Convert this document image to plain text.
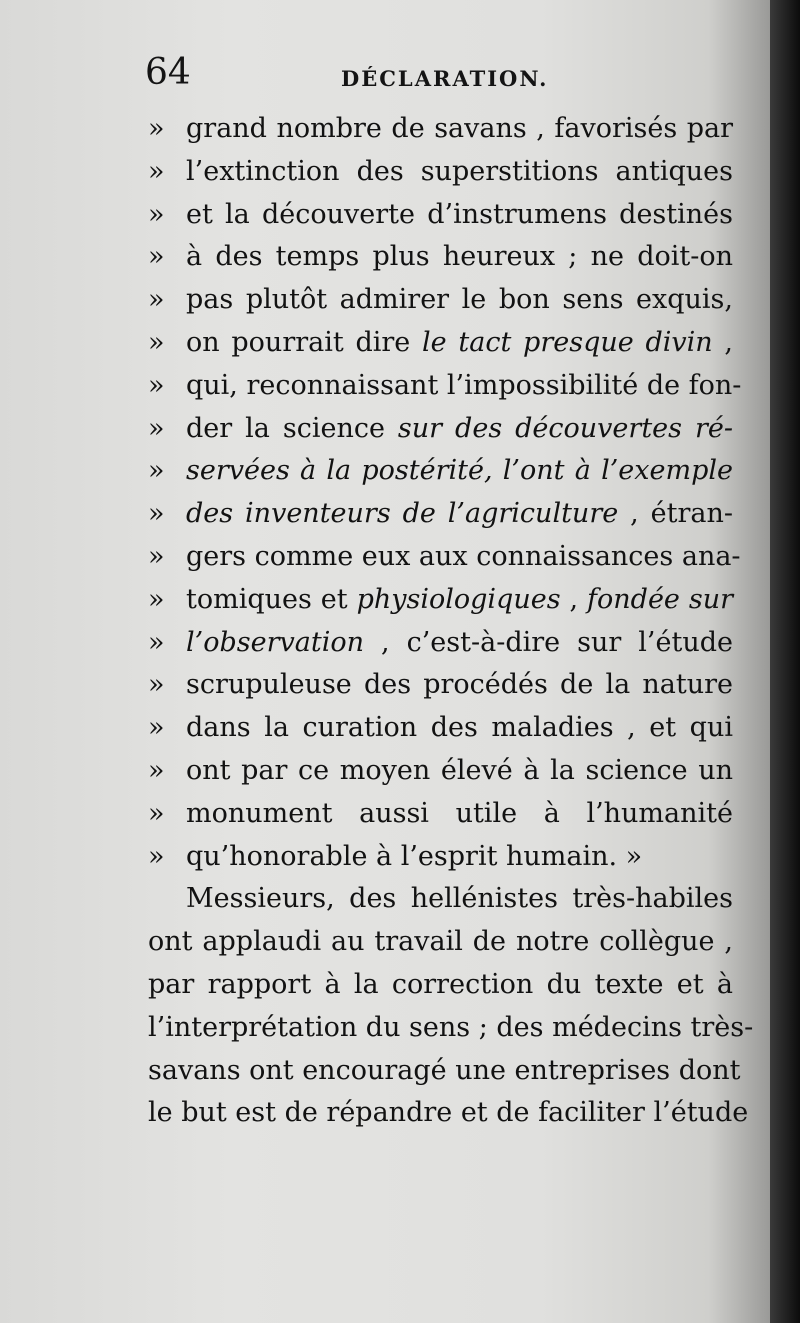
64	DÉCLARATION.
» grand nombre de savans , favorisés par
» l’extinction des superstitions antiques
» et la découverte d’instrumens destinés
» à des temps plus heureux ; ne doit-on
» pas plutôt admirer le bon sens exquis,
» on pourrait dire le tact presque divin ,
» qui, reconnaissant l’impossibilité de fon-
» der la science sur des découvertes ré-
» servées à la postérité, l’ont à l’exemple
» des inventeurs de l’agriculture , étran-
» gers comme eux aux connaissances ana-
» tomiques et physiologiques , fondée sur
» l’observation , c’est-à-dire sur l’étude
» scrupuleuse des procédés de la nature
» dans la curation des maladies , et qui
» ont par ce moyen élevé à la science un
» monument aussi utile à l’humanité
» qu’honorable à l’esprit humain. »
Messieurs, des hellénistes très-habiles
ont applaudi au travail de notre collègue ,
par rapport à la correction du texte et à
l’interprétation du sens ; des médecins très-
savans ont encouragé une entreprises dont
le but est de répandre et de faciliter l’étude
